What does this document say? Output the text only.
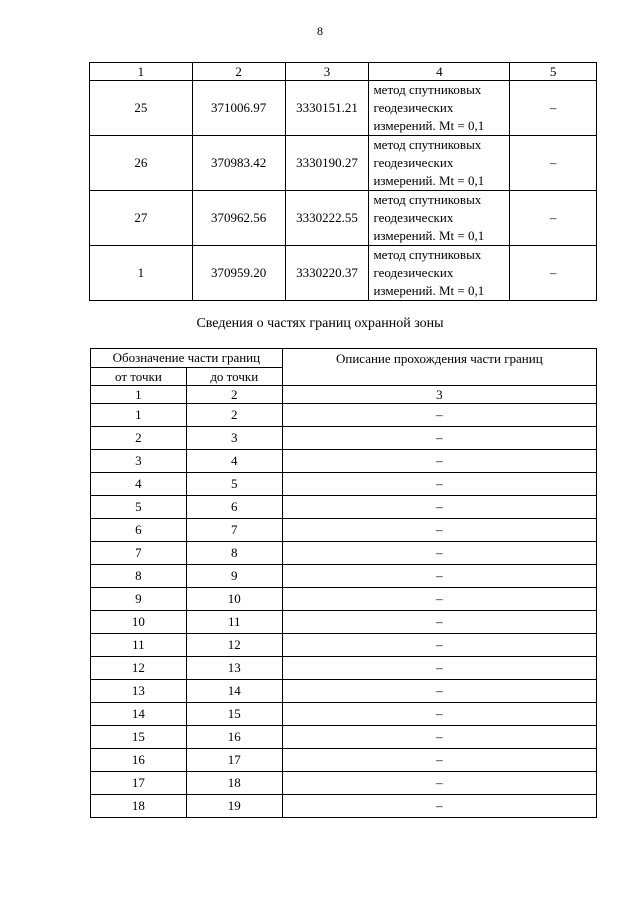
8
1	2	3	4	5
25	371006.97	3330151.21	метод спутниковых
геодезических
измерений. Mt = 0,1	–
26	370983.42	3330190.27	метод спутниковых
геодезических
измерений. Mt = 0,1	–
27	370962.56	3330222.55	метод спутниковых
геодезических
измерений. Mt = 0,1	–
1	370959.20	3330220.37	метод спутниковых
геодезических
измерений. Mt = 0,1	–
Сведения о частях границ охранной зоны
Обозначение части границ		Описание прохождения части границ
от точки	до точки	
1	2	3
1	2	–
2	3	–
3	4	–
4	5	–
5	6	–
6	7	–
7	8	–
8	9	–
9	10	–
10	11	–
11	12	–
12	13	–
13	14	–
14	15	–
15	16	–
16	17	–
17	18	–
18	19	–
